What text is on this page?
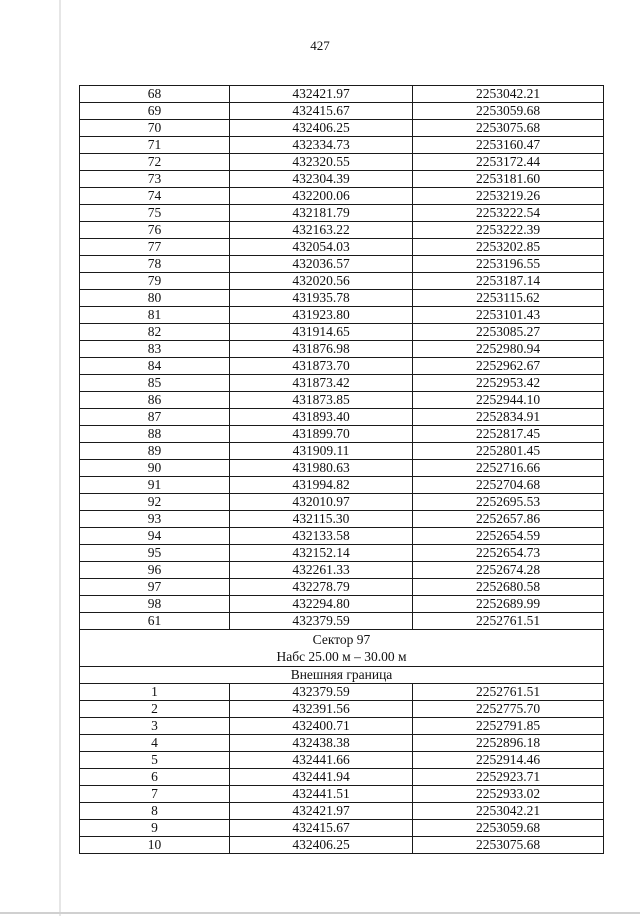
427
68	432421.97	2253042.21
69	432415.67	2253059.68
70	432406.25	2253075.68
71	432334.73	2253160.47
72	432320.55	2253172.44
73	432304.39	2253181.60
74	432200.06	2253219.26
75	432181.79	2253222.54
76	432163.22	2253222.39
77	432054.03	2253202.85
78	432036.57	2253196.55
79	432020.56	2253187.14
80	431935.78	2253115.62
81	431923.80	2253101.43
82	431914.65	2253085.27
83	431876.98	2252980.94
84	431873.70	2252962.67
85	431873.42	2252953.42
86	431873.85	2252944.10
87	431893.40	2252834.91
88	431899.70	2252817.45
89	431909.11	2252801.45
90	431980.63	2252716.66
91	431994.82	2252704.68
92	432010.97	2252695.53
93	432115.30	2252657.86
94	432133.58	2252654.59
95	432152.14	2252654.73
96	432261.33	2252674.28
97	432278.79	2252680.58
98	432294.80	2252689.99
61	432379.59	2252761.51

Сектор 97
Набс 25.00 м – 30.00 м		

Внешняя граница		
1	432379.59	2252761.51
2	432391.56	2252775.70
3	432400.71	2252791.85
4	432438.38	2252896.18
5	432441.66	2252914.46
6	432441.94	2252923.71
7	432441.51	2252933.02
8	432421.97	2253042.21
9	432415.67	2253059.68
10	432406.25	2253075.68
